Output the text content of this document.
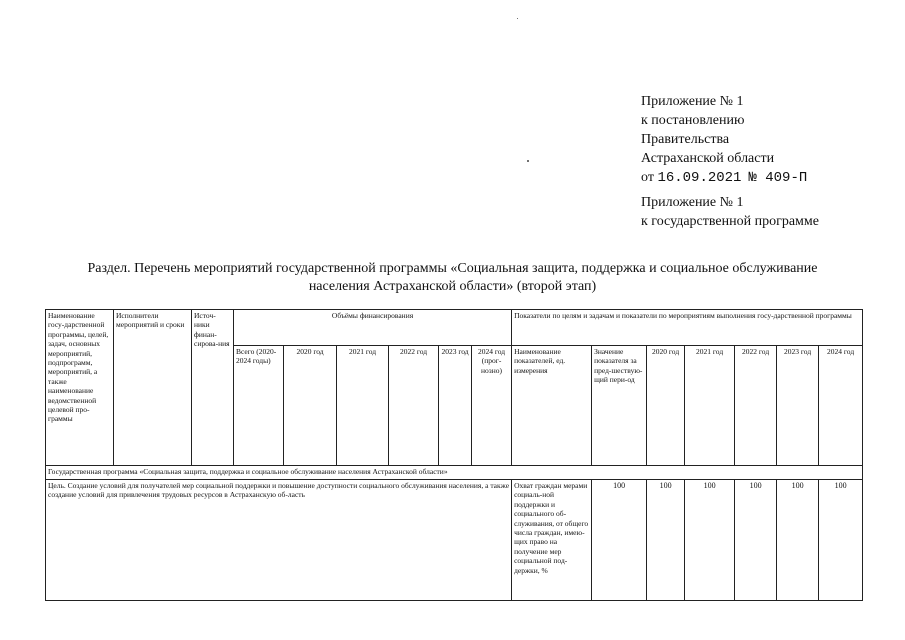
Приложение № 1
к постановлению
Правительства
Астраханской области
от 16.09.2021 № 409-П
Приложение № 1
к государственной программе
Раздел. Перечень мероприятий государственной программы «Социальная защита, поддержка и социальное обслуживание
населения Астраханской области» (второй этап)
Наименование госу-дарственной программы, целей, задач, основных мероприятий, подпрограмм, мероприятий, а также наименование ведомственной целевой про-граммы	Исполнители мероприятий и сроки	Источ-ники финан-сирова-ния	Объёмы финансирования						Показатели по целям и задачам и показатели по мероприятиям выполнения госу-дарственной программы						
			Всего (2020-2024 годы)	2020 год	2021 год	2022 год	2023 год	2024 год (прог-нозно)	Наименование показателей, ед. измерения	Значение показателя за пред-шествую-щий пери-од	2020 год	2021 год	2022 год	2023 год	2024 год
Государственная программа «Социальная защита, поддержка и социальное обслуживание населения Астраханской области»															
Цель. Создание условий для получателей мер социальной поддержки и повышение доступности социального обслуживания населения, а также создание условий для привлечения трудовых ресурсов в Астраханскую об-ласть									Охват граждан мерами социаль-ной поддержки и социального об-служивания, от общего числа граждан, имею-щих право на получение мер социальной под-держки, %	100	100	100	100	100	100
